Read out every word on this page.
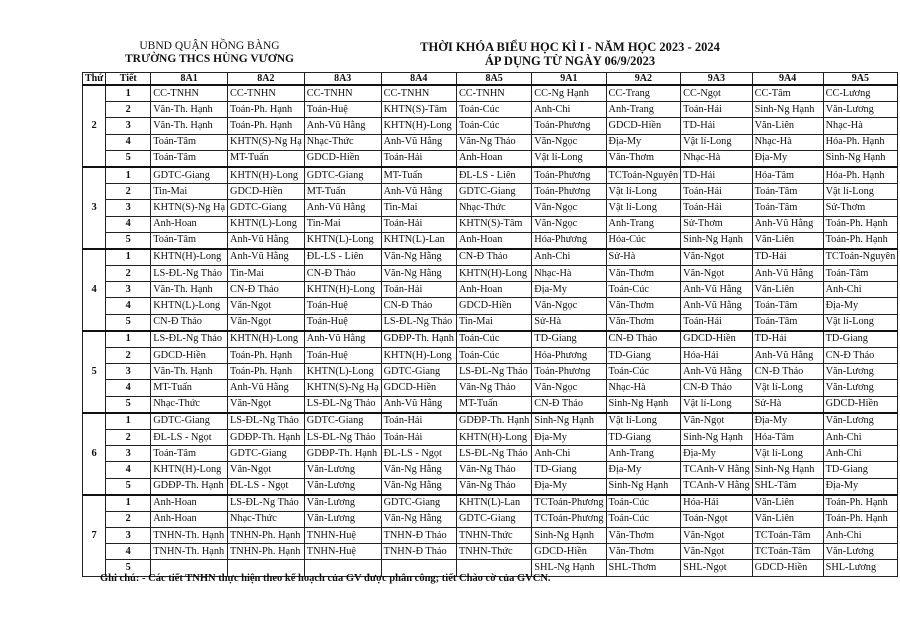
UBND QUẬN HỒNG BÀNG
TRƯỜNG THCS HÙNG VƯƠNG
THỜI KHÓA BIỂU HỌC KÌ I - NĂM HỌC 2023 - 2024
ÁP DỤNG TỪ NGÀY 06/9/2023
Thứ	Tiết	8A1	8A2	8A3	8A4	8A5	9A1	9A2	9A3	9A4	9A5
2	1	CC-TNHN	CC-TNHN	CC-TNHN	CC-TNHN	CC-TNHN	CC-Ng Hạnh	CC-Trang	CC-Ngọt	CC-Tâm	CC-Lương
	2	Văn-Th. Hạnh	Toán-Ph. Hạnh	Toán-Huệ	KHTN(S)-Tâm	Toán-Cúc	Anh-Chi	Anh-Trang	Toán-Hải	Sinh-Ng Hạnh	Văn-Lương
	3	Văn-Th. Hạnh	Toán-Ph. Hạnh	Anh-Vũ Hằng	KHTN(H)-Long	Toán-Cúc	Toán-Phương	GDCD-Hiền	TD-Hải	Văn-Liên	Nhạc-Hà
	4	Toán-Tâm	KHTN(S)-Ng Hạ	Nhạc-Thức	Anh-Vũ Hằng	Văn-Ng Thảo	Văn-Ngọc	Địa-My	Vật lí-Long	Nhạc-Hà	Hóa-Ph. Hạnh
	5	Toán-Tâm	MT-Tuấn	GDCD-Hiền	Toán-Hải	Anh-Hoan	Vật lí-Long	Văn-Thơm	Nhạc-Hà	Địa-My	Sinh-Ng Hạnh
3	1	GDTC-Giang	KHTN(H)-Long	GDTC-Giang	MT-Tuấn	ĐL-LS - Liên	Toán-Phương	TCToán-Nguyên	TD-Hải	Hóa-Tâm	Hóa-Ph. Hạnh
	2	Tin-Mai	GDCD-Hiền	MT-Tuấn	Anh-Vũ Hằng	GDTC-Giang	Toán-Phương	Vật lí-Long	Toán-Hải	Toán-Tâm	Vật lí-Long
	3	KHTN(S)-Ng Hạ	GDTC-Giang	Anh-Vũ Hằng	Tin-Mai	Nhạc-Thức	Văn-Ngọc	Vật lí-Long	Toán-Hải	Toán-Tâm	Sử-Thơm
	4	Anh-Hoan	KHTN(L)-Long	Tin-Mai	Toán-Hải	KHTN(S)-Tâm	Văn-Ngọc	Anh-Trang	Sử-Thơm	Anh-Vũ Hằng	Toán-Ph. Hạnh
	5	Toán-Tâm	Anh-Vũ Hằng	KHTN(L)-Long	KHTN(L)-Lan	Anh-Hoan	Hóa-Phương	Hóa-Cúc	Sinh-Ng Hạnh	Văn-Liên	Toán-Ph. Hạnh
4	1	KHTN(H)-Long	Anh-Vũ Hằng	ĐL-LS - Liên	Văn-Ng Hằng	CN-Đ Thảo	Anh-Chi	Sử-Hà	Văn-Ngọt	TD-Hải	TCToán-Nguyên
	2	LS-ĐL-Ng Thảo	Tin-Mai	CN-Đ Thảo	Văn-Ng Hằng	KHTN(H)-Long	Nhạc-Hà	Văn-Thơm	Văn-Ngọt	Anh-Vũ Hằng	Toán-Tâm
	3	Văn-Th. Hạnh	CN-Đ Thảo	KHTN(H)-Long	Toán-Hải	Anh-Hoan	Địa-My	Toán-Cúc	Anh-Vũ Hằng	Văn-Liên	Anh-Chi
	4	KHTN(L)-Long	Văn-Ngọt	Toán-Huệ	CN-Đ Thảo	GDCD-Hiền	Văn-Ngọc	Văn-Thơm	Anh-Vũ Hằng	Toán-Tâm	Địa-My
	5	CN-Đ Thảo	Văn-Ngọt	Toán-Huệ	LS-ĐL-Ng Thảo	Tin-Mai	Sử-Hà	Văn-Thơm	Toán-Hải	Toán-Tâm	Vật lí-Long
5	1	LS-ĐL-Ng Thảo	KHTN(H)-Long	Anh-Vũ Hằng	GDĐP-Th. Hạnh	Toán-Cúc	TD-Giang	CN-Đ Thảo	GDCD-Hiền	TD-Hải	TD-Giang
	2	GDCD-Hiền	Toán-Ph. Hạnh	Toán-Huệ	KHTN(H)-Long	Toán-Cúc	Hóa-Phương	TD-Giang	Hóa-Hải	Anh-Vũ Hằng	CN-Đ Thảo
	3	Văn-Th. Hạnh	Toán-Ph. Hạnh	KHTN(L)-Long	GDTC-Giang	LS-ĐL-Ng Thảo	Toán-Phương	Toán-Cúc	Anh-Vũ Hằng	CN-Đ Thảo	Văn-Lương
	4	MT-Tuấn	Anh-Vũ Hằng	KHTN(S)-Ng Hạ	GDCD-Hiền	Văn-Ng Thảo	Văn-Ngọc	Nhạc-Hà	CN-Đ Thảo	Vật lí-Long	Văn-Lương
	5	Nhạc-Thức	Văn-Ngọt	LS-ĐL-Ng Thảo	Anh-Vũ Hằng	MT-Tuấn	CN-Đ Thảo	Sinh-Ng Hạnh	Vật lí-Long	Sử-Hà	GDCD-Hiền
6	1	GDTC-Giang	LS-ĐL-Ng Thảo	GDTC-Giang	Toán-Hải	GDĐP-Th. Hạnh	Sinh-Ng Hạnh	Vật lí-Long	Văn-Ngọt	Địa-My	Văn-Lương
	2	ĐL-LS - Ngọt	GDĐP-Th. Hạnh	LS-ĐL-Ng Thảo	Toán-Hải	KHTN(H)-Long	Địa-My	TD-Giang	Sinh-Ng Hạnh	Hóa-Tâm	Anh-Chi
	3	Toán-Tâm	GDTC-Giang	GDĐP-Th. Hạnh	ĐL-LS - Ngọt	LS-ĐL-Ng Thảo	Anh-Chi	Anh-Trang	Địa-My	Vật lí-Long	Anh-Chi
	4	KHTN(H)-Long	Văn-Ngọt	Văn-Lương	Văn-Ng Hằng	Văn-Ng Thảo	TD-Giang	Địa-My	TCAnh-V Hằng	Sinh-Ng Hạnh	TD-Giang
	5	GDĐP-Th. Hạnh	ĐL-LS - Ngọt	Văn-Lương	Văn-Ng Hằng	Văn-Ng Thảo	Địa-My	Sinh-Ng Hạnh	TCAnh-V Hằng	SHL-Tâm	Địa-My
7	1	Anh-Hoan	LS-ĐL-Ng Thảo	Văn-Lương	GDTC-Giang	KHTN(L)-Lan	TCToán-Phương	Toán-Cúc	Hóa-Hải	Văn-Liên	Toán-Ph. Hạnh
	2	Anh-Hoan	Nhạc-Thức	Văn-Lương	Văn-Ng Hằng	GDTC-Giang	TCToán-Phương	Toán-Cúc	Toán-Ngọt	Văn-Liên	Toán-Ph. Hạnh
	3	TNHN-Th. Hạnh	TNHN-Ph. Hạnh	TNHN-Huệ	TNHN-Đ Thảo	TNHN-Thức	Sinh-Ng Hạnh	Văn-Thơm	Văn-Ngọt	TCToán-Tâm	Anh-Chi
	4	TNHN-Th. Hạnh	TNHN-Ph. Hạnh	TNHN-Huệ	TNHN-Đ Thảo	TNHN-Thức	GDCD-Hiền	Văn-Thơm	Văn-Ngọt	TCToán-Tâm	Văn-Lương
	5						SHL-Ng Hạnh	SHL-Thơm	SHL-Ngọt	GDCD-Hiền	SHL-Lương
Ghi chú: - Các tiết TNHN thực hiện theo kế hoạch của GV được phân công; tiết Chào cờ của GVCN.
